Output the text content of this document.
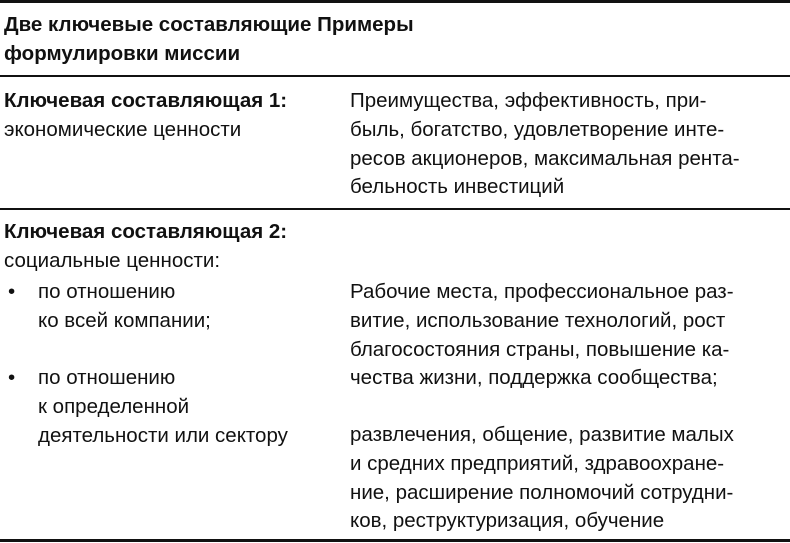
Две ключевые составляющие Примеры
формулировки миссии
Ключевая составляющая 1:
экономические ценности
Преимущества, эффективность, при-
быль, богатство, удовлетворение инте-
ресов акционеров, максимальная рента-
бельность инвестиций
Ключевая составляющая 2:
социальные ценности:
• по отношению
ко всей компании;
• по отношению
к определенной
деятельности или сектору
Рабочие места, профессиональное раз-
витие, использование технологий, рост
благосостояния страны, повышение ка-
чества жизни, поддержка сообщества;
развлечения, общение, развитие малых
и средних предприятий, здравоохране-
ние, расширение полномочий сотрудни-
ков, реструктуризация, обучение
